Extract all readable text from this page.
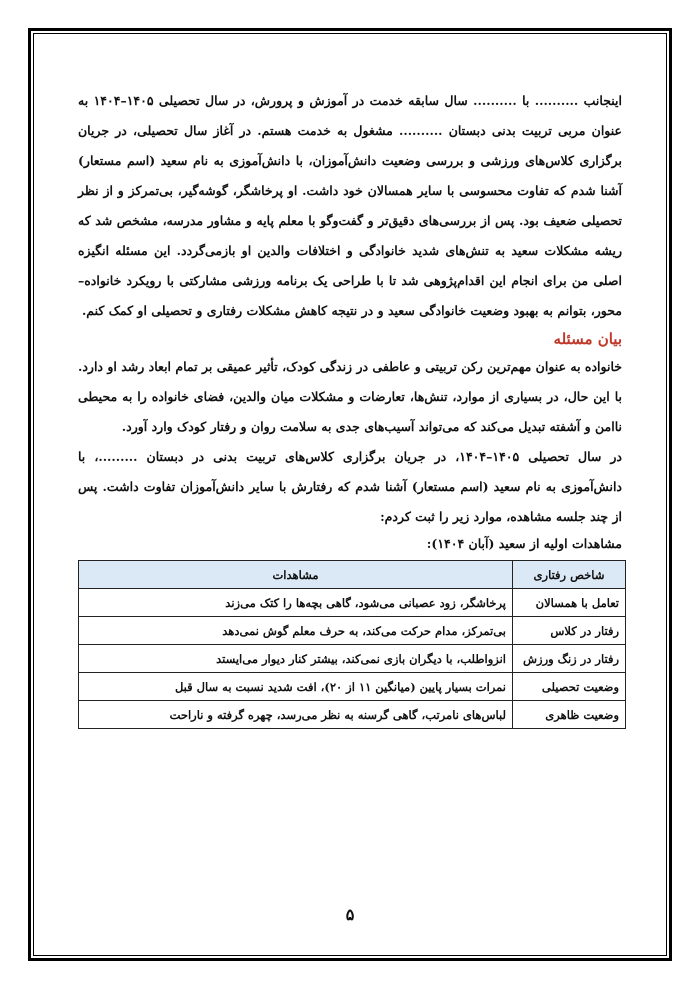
اینجانب .......... با .......... سال سابقه خدمت در آموزش و پرورش، در سال تحصیلی ۱۴۰۵–۱۴۰۴ به عنوان مربی تربیت بدنی دبستان .......... مشغول به خدمت هستم. در آغاز سال تحصیلی، در جریان برگزاری کلاس‌های ورزشی و بررسی وضعیت دانش‌آموزان، با دانش‌آموزی به نام سعید (اسم مستعار) آشنا شدم که تفاوت محسوسی با سایر همسالان خود داشت. او پرخاشگر، گوشه‌گیر، بی‌تمرکز و از نظر تحصیلی ضعیف بود. پس از بررسی‌های دقیق‌تر و گفت‌وگو با معلم پایه و مشاور مدرسه، مشخص شد که ریشه مشکلات سعید به تنش‌های شدید خانوادگی و اختلافات والدین او بازمی‌گردد. این مسئله انگیزه اصلی من برای انجام این اقدام‌پژوهی شد تا با طراحی یک برنامه ورزشی مشارکتی با رویکرد خانواده–محور، بتوانم به بهبود وضعیت خانوادگی سعید و در نتیجه کاهش مشکلات رفتاری و تحصیلی او کمک کنم.

بیان مسئله

خانواده به عنوان مهم‌ترین رکن تربیتی و عاطفی در زندگی کودک، تأثیر عمیقی بر تمام ابعاد رشد او دارد. با این حال، در بسیاری از موارد، تنش‌ها، تعارضات و مشکلات میان والدین، فضای خانواده را به محیطی ناامن و آشفته تبدیل می‌کند که می‌تواند آسیب‌های جدی به سلامت روان و رفتار کودک وارد آورد.

در سال تحصیلی ۱۴۰۵–۱۴۰۴، در جریان برگزاری کلاس‌های تربیت بدنی در دبستان .........، با دانش‌آموزی به نام سعید (اسم مستعار) آشنا شدم که رفتارش با سایر دانش‌آموزان تفاوت داشت. پس از چند جلسه مشاهده، موارد زیر را ثبت کردم:

مشاهدات اولیه از سعید (آبان ۱۴۰۴):

شاخص رفتاری	مشاهدات
تعامل با همسالان	پرخاشگر، زود عصبانی می‌شود، گاهی بچه‌ها را کتک می‌زند
رفتار در کلاس	بی‌تمرکز، مدام حرکت می‌کند، به حرف معلم گوش نمی‌دهد
رفتار در زنگ ورزش	انزواطلب، با دیگران بازی نمی‌کند، بیشتر کنار دیوار می‌ایستد
وضعیت تحصیلی	نمرات بسیار پایین (میانگین ۱۱ از ۲۰)، افت شدید نسبت به سال قبل
وضعیت ظاهری	لباس‌های نامرتب، گاهی گرسنه به نظر می‌رسد، چهره گرفته و ناراحت
۵
